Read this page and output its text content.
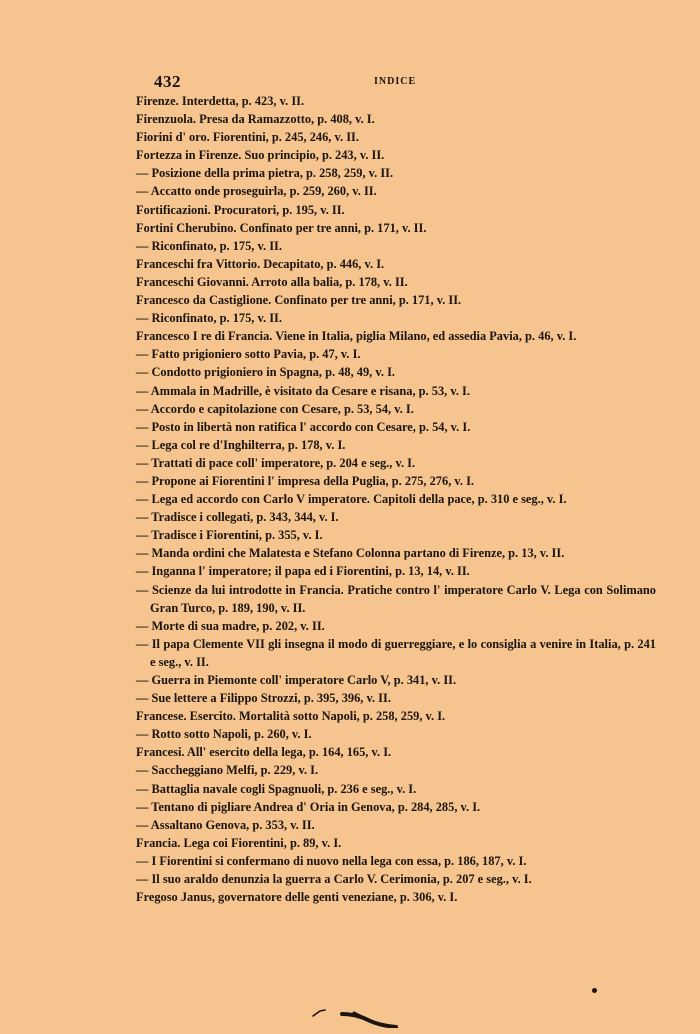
432	INDICE
Firenze. Interdetta, p. 423, v. II.
Firenzuola. Presa da Ramazzotto, p. 408, v. I.
Fiorini d' oro. Fiorentini, p. 245, 246, v. II.
Fortezza in Firenze. Suo principio, p. 243, v. II.
— Posizione della prima pietra, p. 258, 259, v. II.
— Accatto onde proseguirla, p. 259, 260, v. II.
Fortificazioni. Procuratori, p. 195, v. II.
Fortini Cherubino. Confinato per tre anni, p. 171, v. II.
— Riconfinato, p. 175, v. II.
Franceschi fra Vittorio. Decapitato, p. 446, v. I.
Franceschi Giovanni. Arroto alla balia, p. 178, v. II.
Francesco da Castiglione. Confinato per tre anni, p. 171, v. II.
— Riconfinato, p. 175, v. II.
Francesco I re di Francia. Viene in Italia, piglia Milano, ed assedia Pavia, p. 46, v. I.
— Fatto prigioniero sotto Pavia, p. 47, v. I.
— Condotto prigioniero in Spagna, p. 48, 49, v. I.
— Ammala in Madrille, è visitato da Cesare e risana, p. 53, v. I.
— Accordo e capitolazione con Cesare, p. 53, 54, v. I.
— Posto in libertà non ratifica l' accordo con Cesare, p. 54, v. I.
— Lega col re d'Inghilterra, p. 178, v. I.
— Trattati di pace coll' imperatore, p. 204 e seg., v. I.
— Propone ai Fiorentini l' impresa della Puglia, p. 275, 276, v. I.
— Lega ed accordo con Carlo V imperatore. Capitoli della pace, p. 310 e seg., v. I.
— Tradisce i collegati, p. 343, 344, v. I.
— Tradisce i Fiorentini, p. 355, v. I.
— Manda ordini che Malatesta e Stefano Colonna partano di Firenze, p. 13, v. II.
— Inganna l' imperatore; il papa ed i Fiorentini, p. 13, 14, v. II.
— Scienze da lui introdotte in Francia. Pratiche contro l' imperatore Carlo V. Lega con Solimano Gran Turco, p. 189, 190, v. II.
— Morte di sua madre, p. 202, v. II.
— Il papa Clemente VII gli insegna il modo di guerreggiare, e lo consiglia a venire in Italia, p. 241 e seg., v. II.
— Guerra in Piemonte coll' imperatore Carlo V, p. 341, v. II.
— Sue lettere a Filippo Strozzi, p. 395, 396, v. II.
Francese. Esercito. Mortalità sotto Napoli, p. 258, 259, v. I.
— Rotto sotto Napoli, p. 260, v. I.
Francesi. All' esercito della lega, p. 164, 165, v. I.
— Saccheggiano Melfi, p. 229, v. I.
— Battaglia navale cogli Spagnuoli, p. 236 e seg., v. I.
— Tentano di pigliare Andrea d' Oria in Genova, p. 284, 285, v. I.
— Assaltano Genova, p. 353, v. II.
Francia. Lega coi Fiorentini, p. 89, v. I.
— I Fiorentini si confermano di nuovo nella lega con essa, p. 186, 187, v. I.
— Il suo araldo denunzia la guerra a Carlo V. Cerimonia, p. 207 e seg., v. I.
Fregoso Janus, governatore delle genti veneziane, p. 306, v. I.
